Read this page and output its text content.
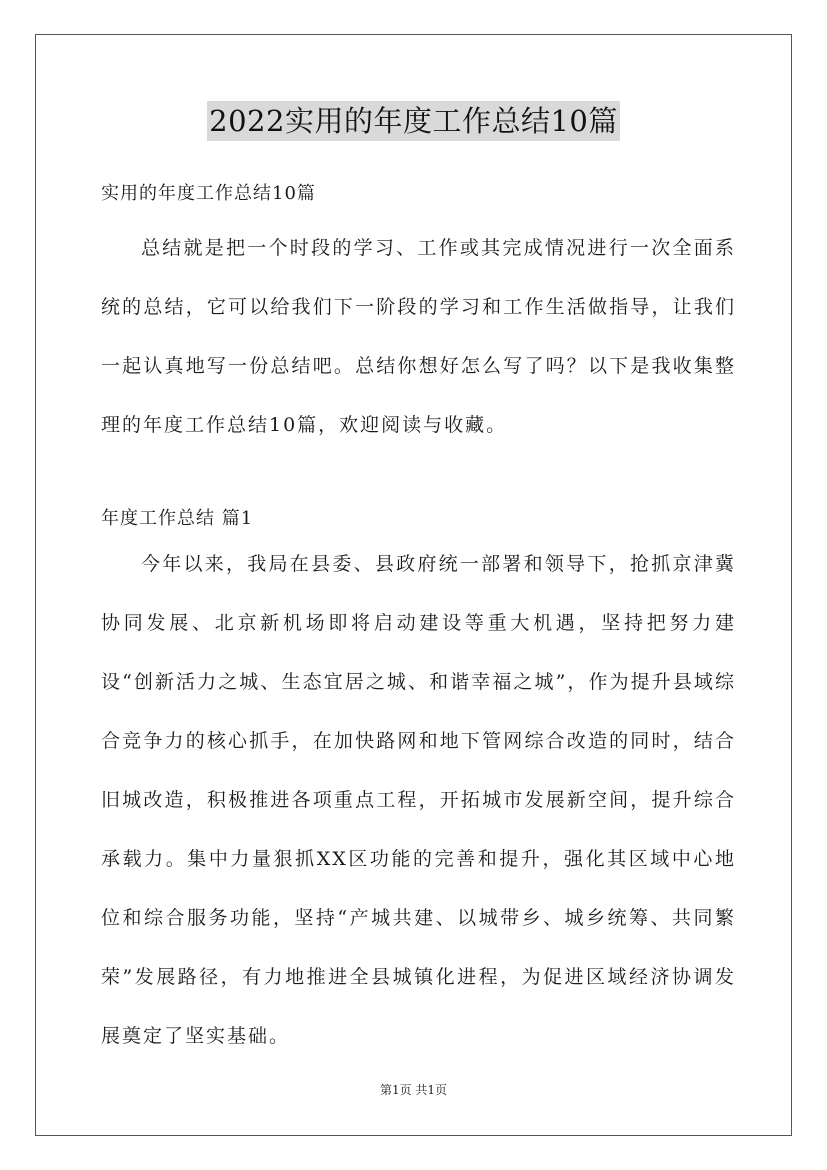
2022实用的年度工作总结10篇
实用的年度工作总结10篇
总结就是把一个时段的学习、工作或其完成情况进行一次全面系统的总结，它可以给我们下一阶段的学习和工作生活做指导，让我们一起认真地写一份总结吧。总结你想好怎么写了吗？以下是我收集整理的年度工作总结10篇，欢迎阅读与收藏。
年度工作总结 篇1
今年以来，我局在县委、县政府统一部署和领导下，抢抓京津冀协同发展、北京新机场即将启动建设等重大机遇，坚持把努力建设“创新活力之城、生态宜居之城、和谐幸福之城”，作为提升县域综合竞争力的核心抓手，在加快路网和地下管网综合改造的同时，结合旧城改造，积极推进各项重点工程，开拓城市发展新空间，提升综合承载力。集中力量狠抓XX区功能的完善和提升，强化其区域中心地位和综合服务功能，坚持“产城共建、以城带乡、城乡统筹、共同繁荣”发展路径，有力地推进全县城镇化进程，为促进区域经济协调发展奠定了坚实基础。
第1页 共1页
